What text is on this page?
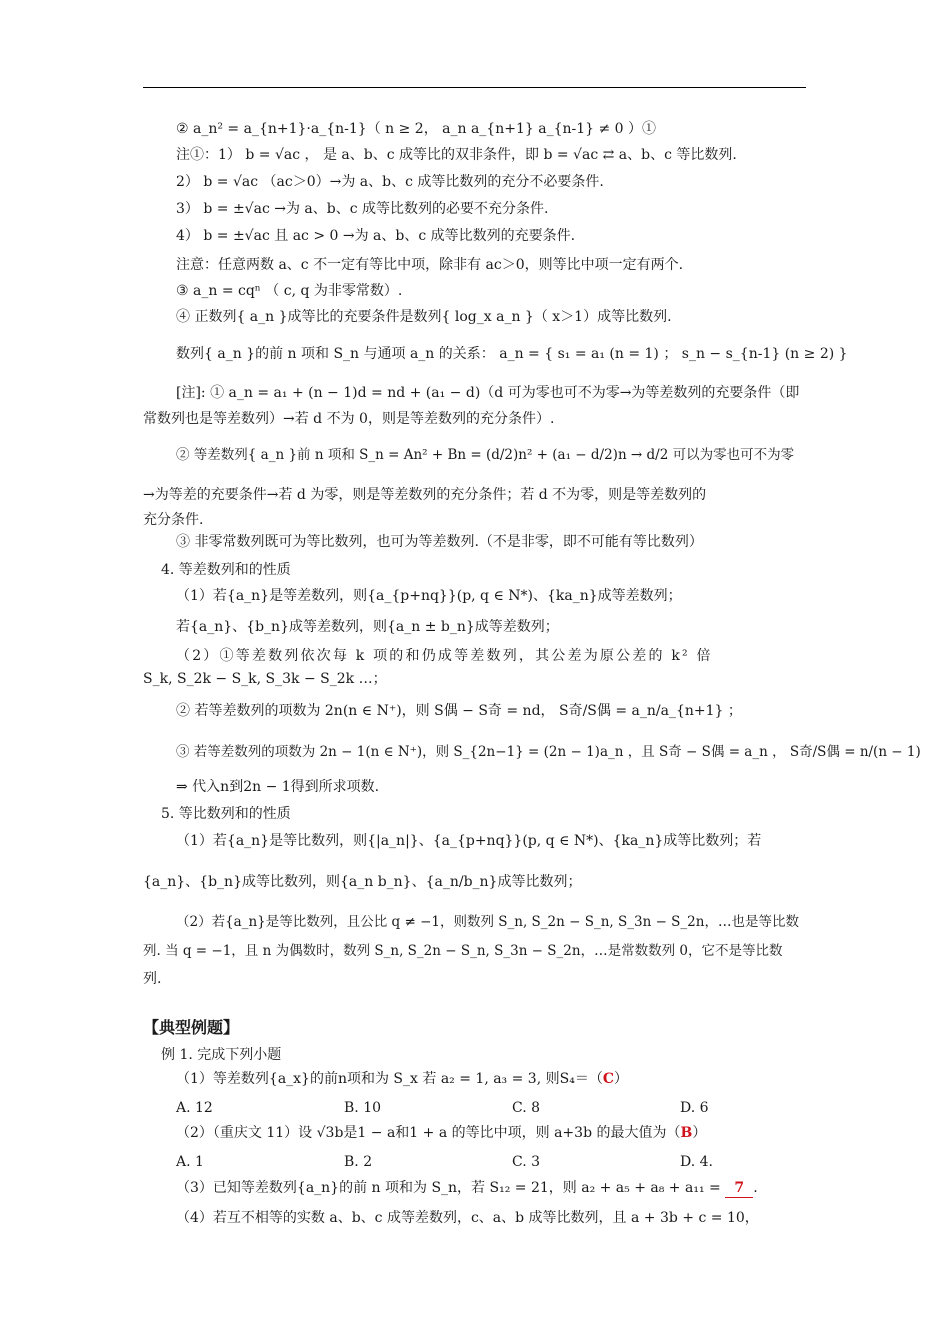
② a_n² = a_{n+1}·a_{n-1}（ n ≥ 2， a_n a_{n+1} a_{n-1} ≠ 0 ）①
注①：1） b = √ac ， 是 a、b、c 成等比的双非条件，即 b = √ac ⇄ a、b、c 等比数列.
2） b = √ac （ac＞0）→为 a、b、c 成等比数列的充分不必要条件.
3） b = ±√ac →为 a、b、c 成等比数列的必要不充分条件.
4） b = ±√ac 且 ac > 0 →为 a、b、c 成等比数列的充要条件.
注意：任意两数 a、c 不一定有等比中项，除非有 ac＞0，则等比中项一定有两个.
③ a_n = cqⁿ （ c, q 为非零常数）.
④ 正数列{ a_n }成等比的充要条件是数列{ log_x a_n }（ x＞1）成等比数列.
数列{ a_n }的前 n 项和 S_n 与通项 a_n 的关系： a_n = { s₁ = a₁ (n = 1) ； s_n − s_{n-1} (n ≥ 2) }
[注]: ① a_n = a₁ + (n − 1)d = nd + (a₁ − d)（d 可为零也可不为零→为等差数列的充要条件（即
常数列也是等差数列）→若 d 不为 0，则是等差数列的充分条件）.
② 等差数列{ a_n }前 n 项和 S_n = An² + Bn = (d/2)n² + (a₁ − d/2)n → d/2 可以为零也可不为零
→为等差的充要条件→若 d 为零，则是等差数列的充分条件；若 d 不为零，则是等差数列的
充分条件.
③ 非零常数列既可为等比数列，也可为等差数列.（不是非零，即不可能有等比数列）
4. 等差数列和的性质
（1）若{a_n}是等差数列，则{a_{p+nq}}(p, q ∈ N*)、{ka_n}成等差数列；
若{a_n}、{b_n}成等差数列，则{a_n ± b_n}成等差数列；
（2）①等差数列依次每 k 项的和仍成等差数列，其公差为原公差的 k² 倍
S_k, S_2k − S_k, S_3k − S_2k …；
② 若等差数列的项数为 2n(n ∈ N⁺)，则 S偶 − S奇 = nd， S奇/S偶 = a_n/a_{n+1} ；
③ 若等差数列的项数为 2n − 1(n ∈ N⁺)，则 S_{2n−1} = (2n − 1)a_n ，且 S奇 − S偶 = a_n ， S奇/S偶 = n/(n − 1)
⇒ 代入n到2n − 1得到所求项数.
5. 等比数列和的性质
（1）若{a_n}是等比数列，则{|a_n|}、{a_{p+nq}}(p, q ∈ N*)、{ka_n}成等比数列；若
{a_n}、{b_n}成等比数列，则{a_n b_n}、{a_n/b_n}成等比数列；
（2）若{a_n}是等比数列，且公比 q ≠ −1，则数列 S_n, S_2n − S_n, S_3n − S_2n，…也是等比数
列. 当 q = −1，且 n 为偶数时，数列 S_n, S_2n − S_n, S_3n − S_2n，…是常数数列 0，它不是等比数
列.
【典型例题】
例 1. 完成下列小题
（1）等差数列{a_x}的前n项和为 S_x 若 a₂ = 1, a₃ = 3, 则S₄＝（C）
A. 12	B. 10	C. 8	D. 6
（2）（重庆文 11）设 √3b是1 − a和1 + a 的等比中项，则 a+3b 的最大值为（B）
A. 1	B. 2	C. 3	D. 4.
（3）已知等差数列{a_n}的前 n 项和为 S_n，若 S₁₂ = 21，则 a₂ + a₅ + a₈ + a₁₁ = 7 .
（4）若互不相等的实数 a、b、c 成等差数列，c、a、b 成等比数列，且 a + 3b + c = 10，
